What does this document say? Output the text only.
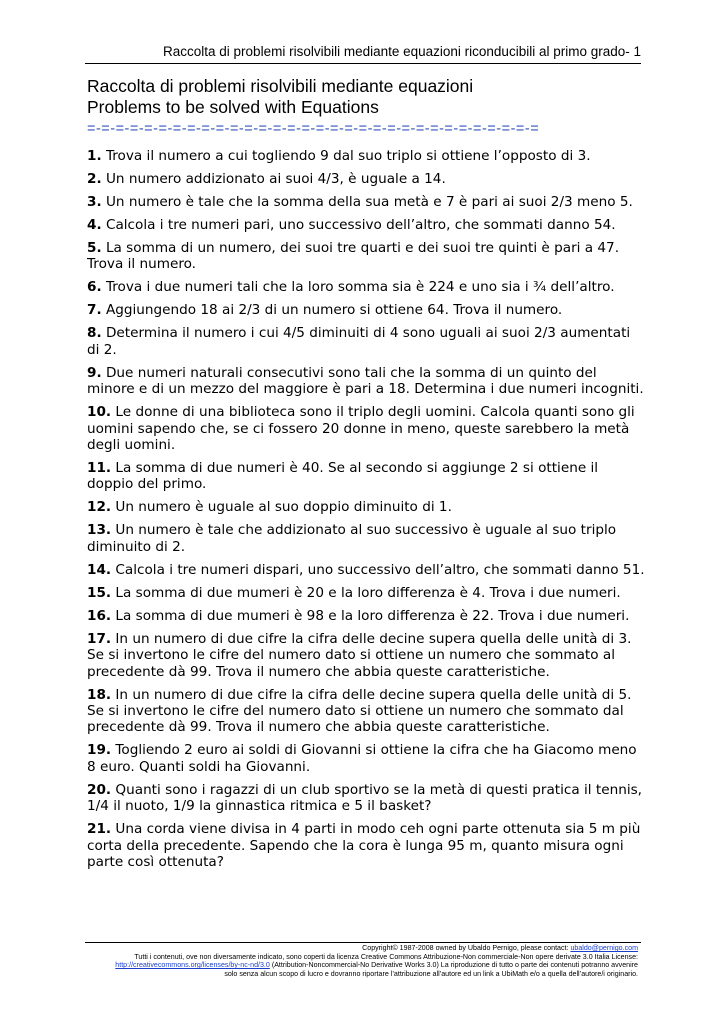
Raccolta di problemi risolvibili mediante equazioni riconducibili al primo grado- 1
Raccolta di problemi risolvibili mediante equazioni
Problems to be solved with Equations
=-=-=-=-=-=-=-=-=-=-=-=-=-=-=-=-=-=-=-=-=-=-=-=-=-=-=-=-=-=-=-=
1. Trova il numero a cui togliendo 9 dal suo triplo si ottiene l’opposto di 3.
2. Un numero addizionato ai suoi 4/3, è uguale a 14.
3. Un numero è tale che la somma della sua metà e 7 è pari ai suoi 2/3 meno 5.
4. Calcola i tre numeri pari, uno successivo dell’altro, che sommati danno 54.
5. La somma di un numero, dei suoi tre quarti e dei suoi tre quinti è pari a 47. Trova il numero.
6. Trova i due numeri tali che la loro somma sia è 224 e uno sia i ¾ dell’altro.
7. Aggiungendo 18 ai 2/3 di un numero si ottiene 64. Trova il numero.
8. Determina il numero i cui 4/5 diminuiti di 4 sono uguali ai suoi 2/3 aumentati di 2.
9. Due numeri naturali consecutivi sono tali che la somma di un quinto del minore e di un mezzo del maggiore è pari a 18. Determina i due numeri incogniti.
10. Le donne di una biblioteca sono il triplo degli uomini. Calcola quanti sono gli uomini sapendo che, se ci fossero 20 donne in meno, queste sarebbero la metà degli uomini.
11. La somma di due numeri è 40. Se al secondo si aggiunge 2 si ottiene il doppio del primo.
12. Un numero è uguale al suo doppio diminuito di 1.
13. Un numero è tale che addizionato al suo successivo è uguale al suo triplo diminuito di 2.
14. Calcola i tre numeri dispari, uno successivo dell’altro, che sommati danno 51.
15. La somma di due mumeri è 20 e la loro differenza è 4. Trova i due numeri.
16. La somma di due mumeri è 98 e la loro differenza è 22. Trova i due numeri.
17. In un numero di due cifre la cifra delle decine supera quella delle unità di 3. Se si invertono le cifre del numero dato si ottiene un numero che sommato al precedente dà 99. Trova il numero che abbia queste caratteristiche.
18. In un numero di due cifre la cifra delle decine supera quella delle unità di 5. Se si invertono le cifre del numero dato si ottiene un numero che sommato dal precedente dà 99. Trova il numero che abbia queste caratteristiche.
19. Togliendo 2 euro ai soldi di Giovanni si ottiene la cifra che ha Giacomo meno 8 euro. Quanti soldi ha Giovanni.
20. Quanti sono i ragazzi di un club sportivo se la metà di questi pratica il tennis, 1/4 il nuoto, 1/9 la ginnastica ritmica e 5 il basket?
21. Una corda viene divisa in 4 parti in modo ceh ogni parte ottenuta sia 5 m più corta della precedente. Sapendo che la cora è lunga 95 m, quanto misura ogni parte così ottenuta?
Copyright© 1987-2008 owned by Ubaldo Pernigo, please contact: ubaldo@pernigo.com
Tutti i contenuti, ove non diversamente indicato, sono coperti da licenza Creative Commons Attribuzione-Non commerciale-Non opere derivate 3.0 Italia License:
http://creativecommons.org/licenses/by-nc-nd/3.0 (Attribution-Noncommercial-No Derivative Works 3.0) La riproduzione di tutto o parte dei contenuti potranno avvenire
solo senza alcun scopo di lucro e dovranno riportare l’attribuzione all’autore ed un link a UbiMath e/o a quella dell’autore/i originario.
